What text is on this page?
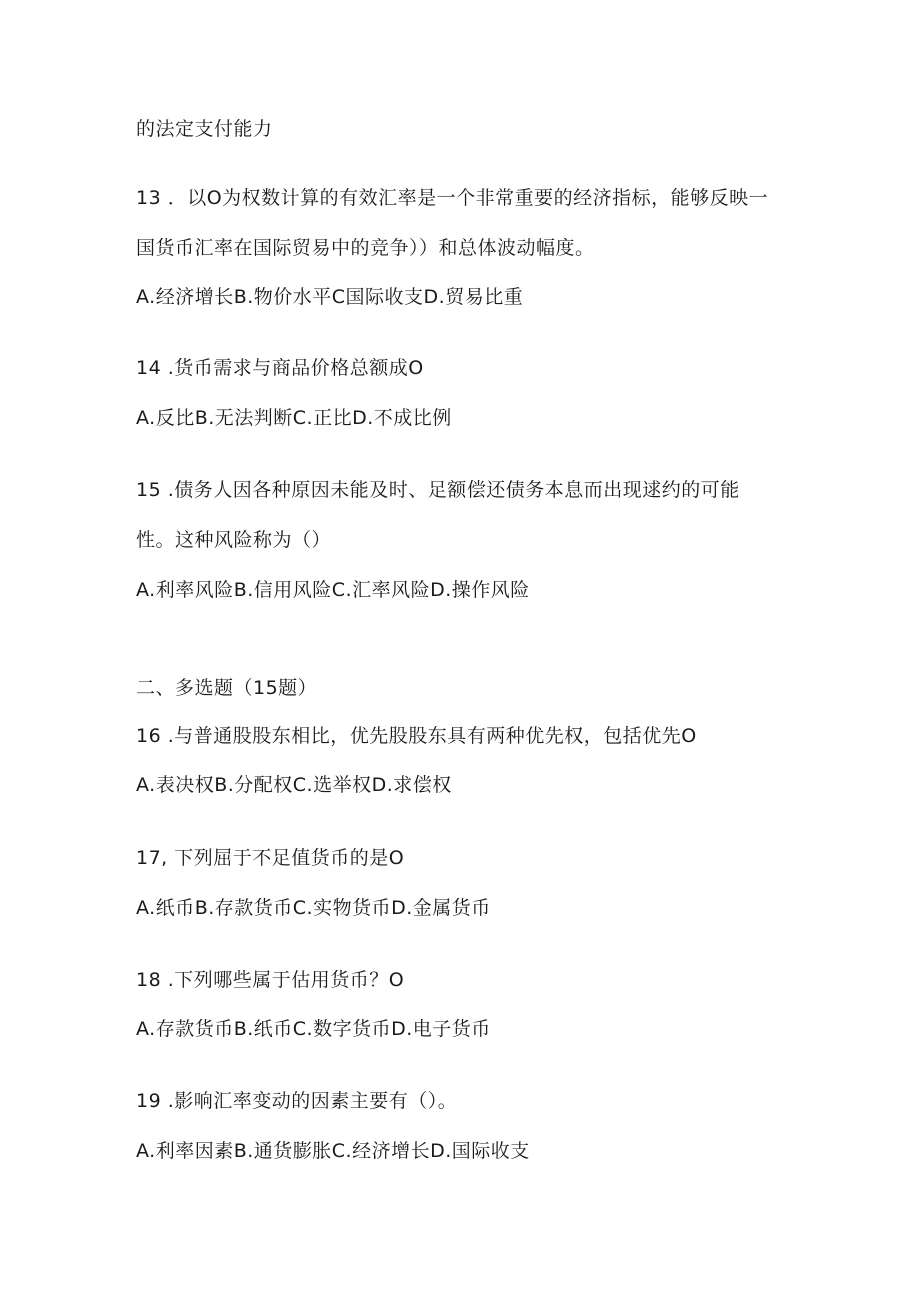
的法定支付能力
13 ．以O为权数计算的有效汇率是一个非常重要的经济指标，能够反映一
国货币汇率在国际贸易中的竞争））和总体波动幅度。
A.经济增长B.物价水平C国际收支D.贸易比重
14 .货币需求与商品价格总额成O
A.反比B.无法判断C.正比D.不成比例
15 .债务人因各种原因未能及时、足额偿还债务本息而出现逑约的可能
性。这种风险称为（）
A.利率风险B.信用风险C.汇率风险D.操作风险
二、多选题（15题）
16 .与普通股股东相比，优先股股东具有两种优先权，包括优先O
A.表决权B.分配权C.选举权D.求偿权
17, 下列屈于不足值货币的是O
A.纸币B.存款货币C.实物货币D.金属货币
18 .下列哪些属于估用货币？O
A.存款货币B.纸币C.数字货币D.电子货币
19 .影响汇率变动的因素主要有（）。
A.利率因素B.通货膨胀C.经济增长D.国际收支
